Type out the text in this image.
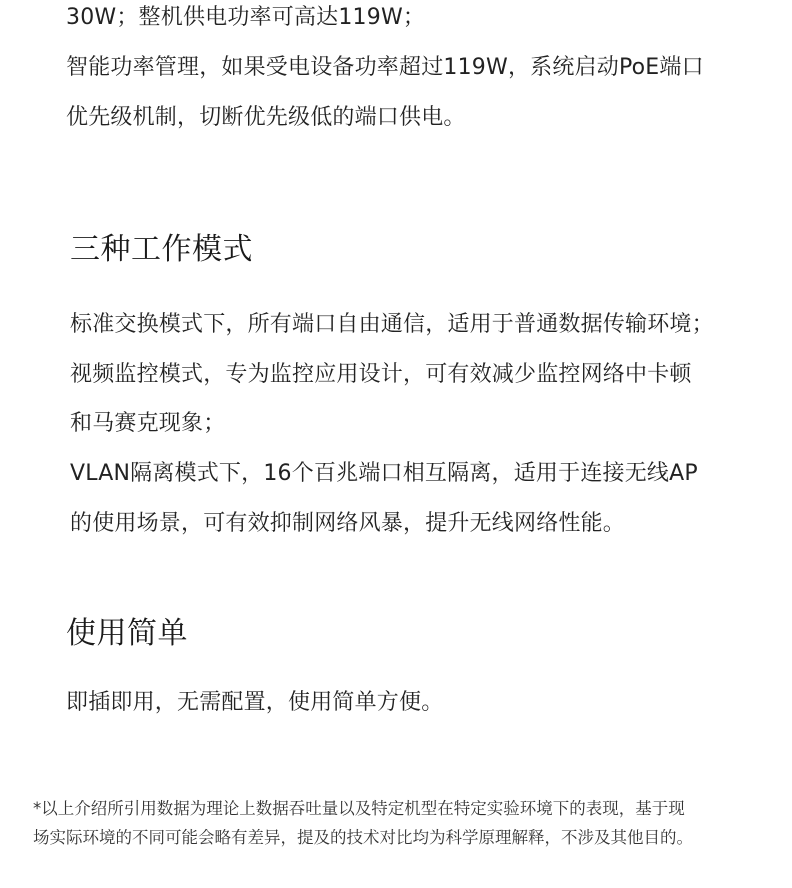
30W；整机供电功率可高达119W；

智能功率管理，如果受电设备功率超过119W，系统启动PoE端口

优先级机制，切断优先级低的端口供电。

三种工作模式

标准交换模式下，所有端口自由通信，适用于普通数据传输环境；

视频监控模式，专为监控应用设计，可有效减少监控网络中卡顿

和马赛克现象；

VLAN隔离模式下，16个百兆端口相互隔离，适用于连接无线AP

的使用场景，可有效抑制网络风暴，提升无线网络性能。

使用简单

即插即用，无需配置，使用简单方便。

*以上介绍所引用数据为理论上数据吞吐量以及特定机型在特定实验环境下的表现，基于现

场实际环境的不同可能会略有差异，提及的技术对比均为科学原理解释，不涉及其他目的。
